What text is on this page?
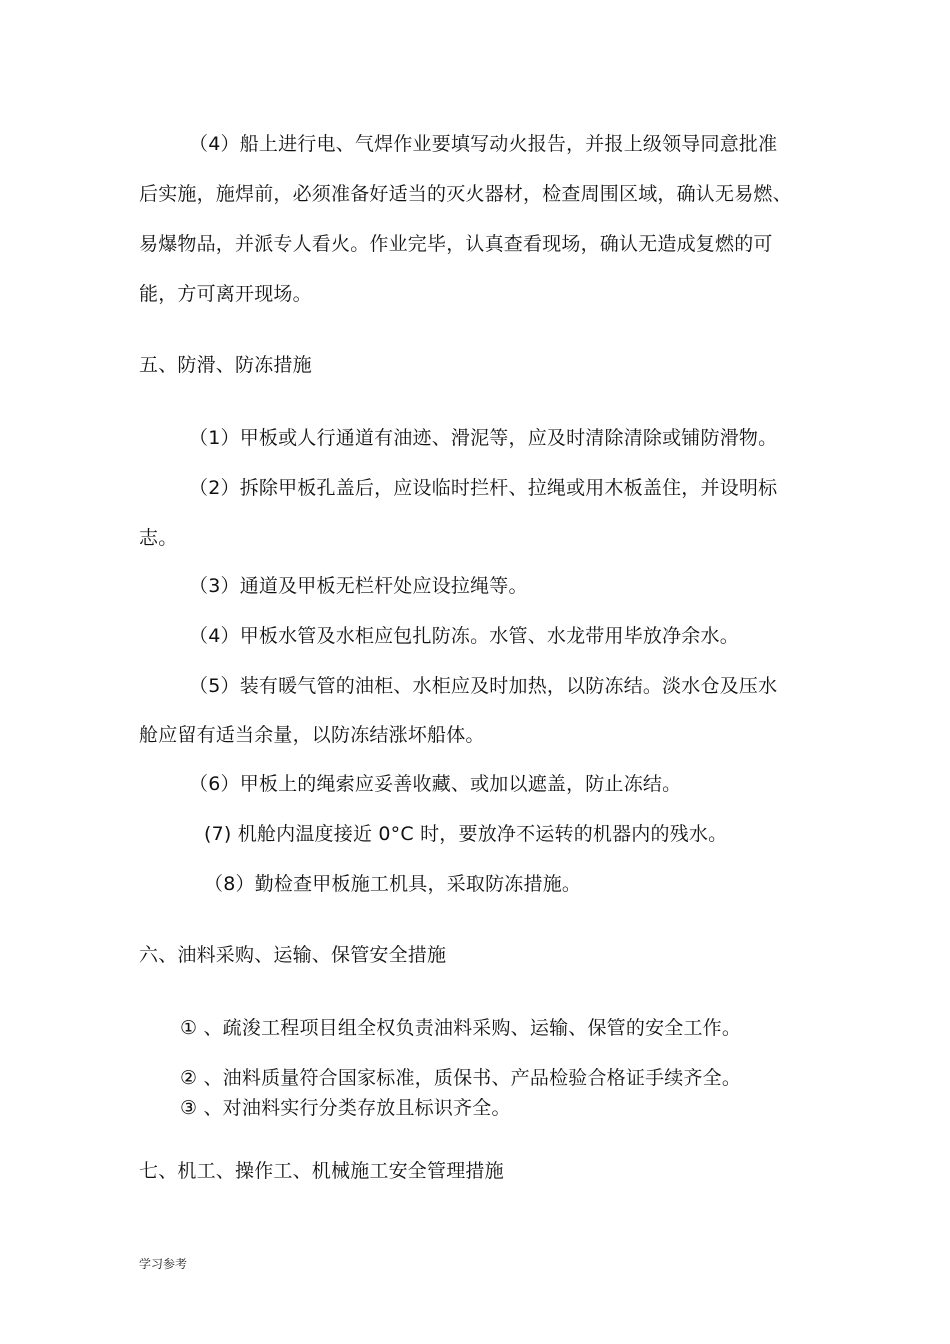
（4）船上进行电、气焊作业要填写动火报告，并报上级领导同意批准
后实施，施焊前，必须准备好适当的灭火器材，检查周围区域，确认无易燃、
易爆物品，并派专人看火。作业完毕，认真查看现场，确认无造成复燃的可
能，方可离开现场。
五、防滑、防冻措施
（1）甲板或人行通道有油迹、滑泥等，应及时清除清除或铺防滑物。
（2）拆除甲板孔盖后，应设临时拦杆、拉绳或用木板盖住，并设明标
志。
（3）通道及甲板无栏杆处应设拉绳等。
（4）甲板水管及水柜应包扎防冻。水管、水龙带用毕放净余水。
（5）装有暖气管的油柜、水柜应及时加热，以防冻结。淡水仓及压水
舱应留有适当余量，以防冻结涨坏船体。
（6）甲板上的绳索应妥善收藏、或加以遮盖，防止冻结。
(7) 机舱内温度接近 0°C 时，要放净不运转的机器内的残水。
（8）勤检查甲板施工机具，采取防冻措施。
六、油料采购、运输、保管安全措施
① 、疏浚工程项目组全权负责油料采购、运输、保管的安全工作。
② 、油料质量符合国家标准，质保书、产品检验合格证手续齐全。
③ 、对油料实行分类存放且标识齐全。
七、机工、操作工、机械施工安全管理措施
学习参考
